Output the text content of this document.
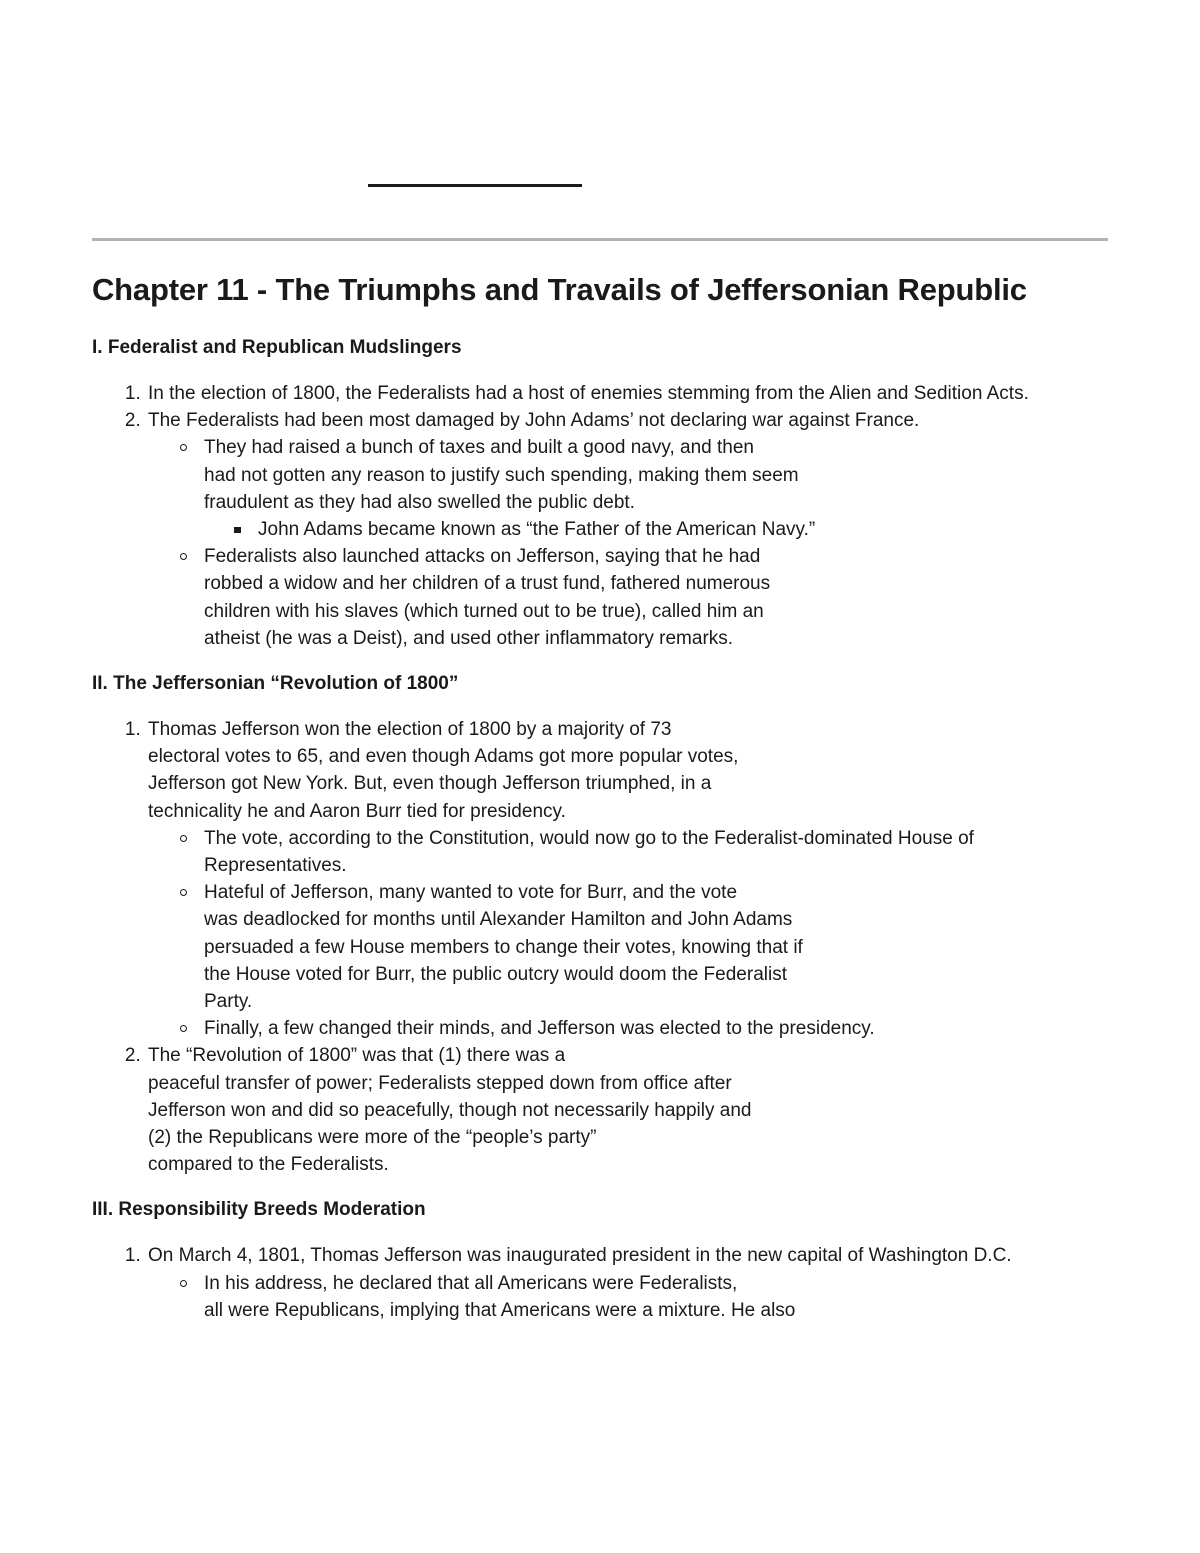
Chapter 11 - The Triumphs and Travails of Jeffersonian Republic
I. Federalist and Republican Mudslingers
1. In the election of 1800, the Federalists had a host of enemies stemming from the Alien and Sedition Acts.
2. The Federalists had been most damaged by John Adams’ not declaring war against France.
They had raised a bunch of taxes and built a good navy, and then
had not gotten any reason to justify such spending, making them seem
fraudulent as they had also swelled the public debt.
John Adams became known as “the Father of the American Navy.”
Federalists also launched attacks on Jefferson, saying that he had
robbed a widow and her children of a trust fund, fathered numerous
children with his slaves (which turned out to be true), called him an
atheist (he was a Deist), and used other inflammatory remarks.
II. The Jeffersonian “Revolution of 1800”
1. Thomas Jefferson won the election of 1800 by a majority of 73
electoral votes to 65, and even though Adams got more popular votes,
Jefferson got New York. But, even though Jefferson triumphed, in a
technicality he and Aaron Burr tied for presidency.
The vote, according to the Constitution, would now go to the Federalist-dominated House of Representatives.
Hateful of Jefferson, many wanted to vote for Burr, and the vote
was deadlocked for months until Alexander Hamilton and John Adams
persuaded a few House members to change their votes, knowing that if
the House voted for Burr, the public outcry would doom the Federalist
Party.
Finally, a few changed their minds, and Jefferson was elected to the presidency.
2. The “Revolution of 1800” was that (1) there was a
peaceful transfer of power; Federalists stepped down from office after
Jefferson won and did so peacefully, though not necessarily happily and
(2) the Republicans were more of the “people’s party”
compared to the Federalists.
III. Responsibility Breeds Moderation
1. On March 4, 1801, Thomas Jefferson was inaugurated president in the new capital of Washington D.C.
In his address, he declared that all Americans were Federalists,
all were Republicans, implying that Americans were a mixture. He also
